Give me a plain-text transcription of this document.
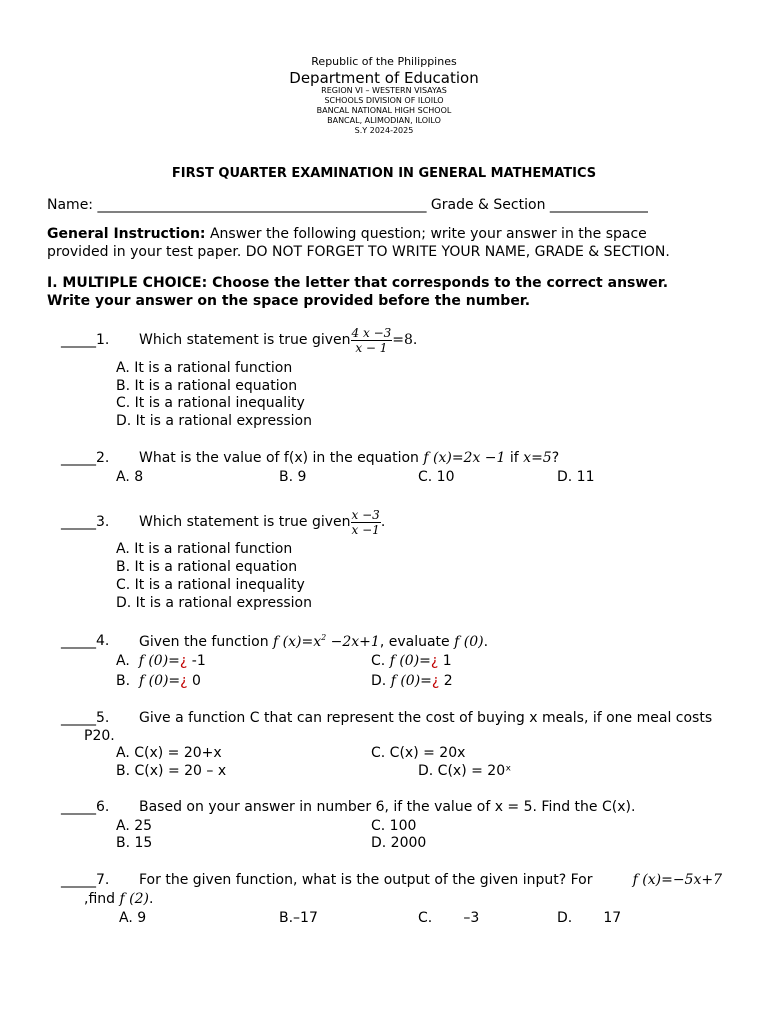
Republic of the Philippines
Department of Education
REGION VI – WESTERN VISAYAS
SCHOOLS DIVISION OF ILOILO
BANCAL NATIONAL HIGH SCHOOL
BANCAL, ALIMODIAN, ILOILO
S.Y 2024-2025
FIRST QUARTER EXAMINATION IN GENERAL MATHEMATICS
Name: _______________________________________________ Grade & Section ______________
General Instruction: Answer the following question; write your answer in the space
provided in your test paper. DO NOT FORGET TO WRITE YOUR NAME, GRADE & SECTION.
I. MULTIPLE CHOICE: Choose the letter that corresponds to the correct answer.
Write your answer on the space provided before the number.
_____1. Which statement is true given $\frac{4 x -3}{x - 1} =8$.
A. It is a rational function
B. It is a rational equation
C. It is a rational inequality
D. It is a rational expression
_____2. What is the value of f(x) in the equation f (x)=2x −1 if x=5?
A. 8	B. 9	C. 10	D. 11
_____3. Which statement is true given $\frac{x -3}{x -1}$ .
A. It is a rational function
B. It is a rational equation
C. It is a rational inequality
D. It is a rational expression
_____4. Given the function f $(x)=x^2 -2x+1$, evaluate f (0).
A. f (0)=¿ -1	C. f (0)=¿ 1
B. f (0)=¿ 0	D. f (0)=¿ 2
_____5. Give a function C that can represent the cost of buying x meals, if one meal costs
P20.
A. C(x) = 20+x	C. C(x) = 20x
B. C(x) = 20 – x	D. C(x) = 20ˣ
_____6. Based on your answer in number 6, if the value of x = 5. Find the C(x).
A. 25	C. 100
B. 15	D. 2000
_____7. For the given function, what is the output of the given input? For	f (x)=−5x+7
,find f (2).
A. 9	B.–17	C.       –3	D.       17
